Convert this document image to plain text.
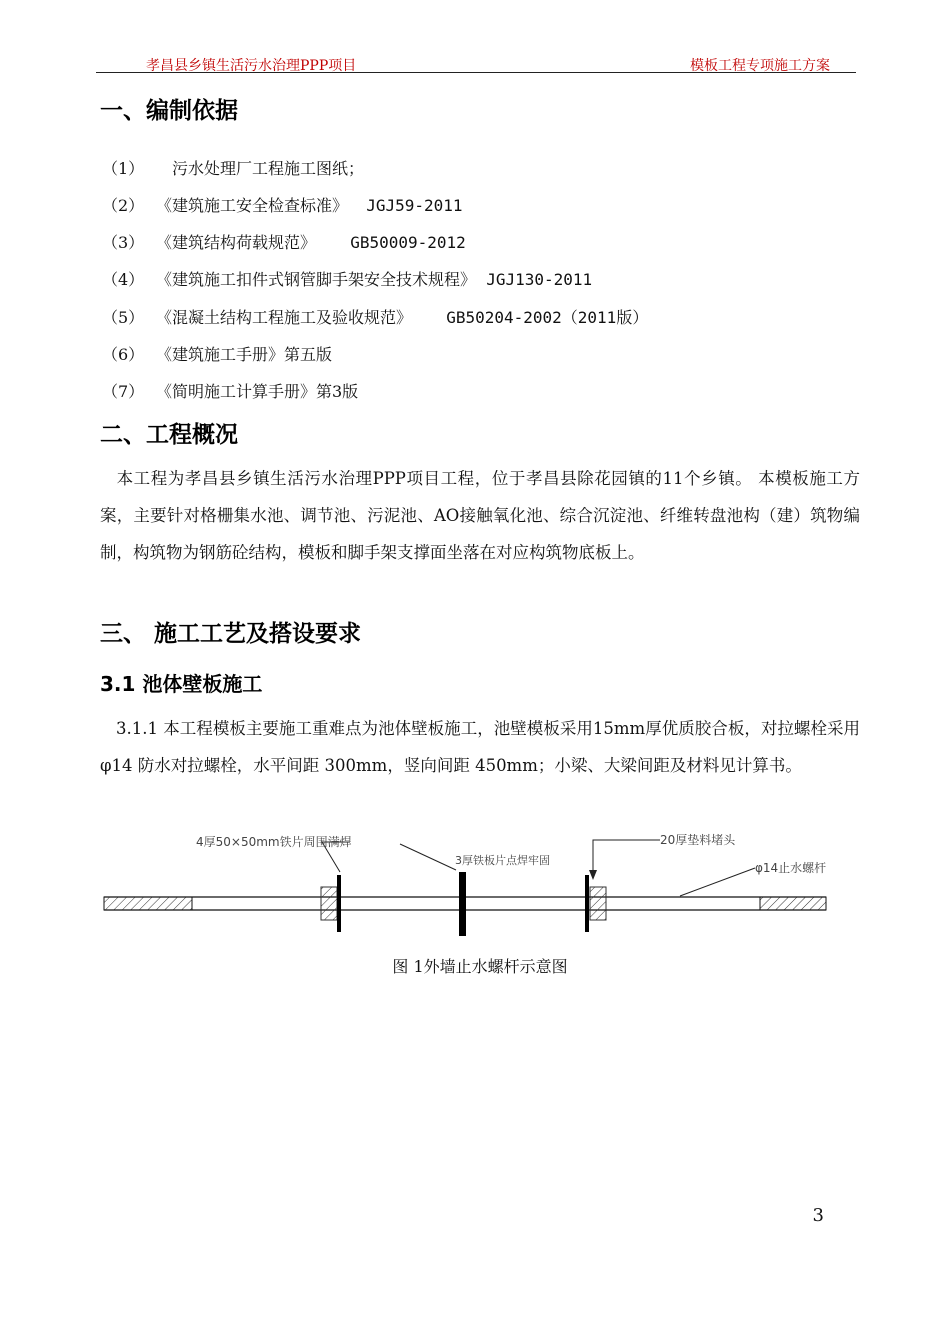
孝昌县乡镇生活污水治理PPP项目	模板工程专项施工方案
一、编制依据
（1）　污水处理厂工程施工图纸；
（2） 《建筑施工安全检查标准》　  JGJ59-2011
（3） 《建筑结构荷载规范》　　  GB50009-2012
（4） 《建筑施工扣件式钢管脚手架安全技术规程》 JGJ130-2011
（5） 《混凝土结构工程施工及验收规范》　　  GB50204-2002（2011版）
（6） 《建筑施工手册》第五版
（7） 《简明施工计算手册》第3版
二、工程概况
本工程为孝昌县乡镇生活污水治理PPP项目工程，位于孝昌县除花园镇的11个乡镇。 本模板施工方案，主要针对格栅集水池、调节池、污泥池、AO接触氧化池、综合沉淀池、纤维转盘池构（建）筑物编制，构筑物为钢筋砼结构，模板和脚手架支撑面坐落在对应构筑物底板上。
三、 施工工艺及搭设要求
3.1 池体壁板施工
3.1.1 本工程模板主要施工重难点为池体壁板施工，池壁模板采用15mm厚优质胶合板，对拉螺栓采用φ14 防水对拉螺栓，水平间距 300mm，竖向间距 450mm；小梁、大梁间距及材料见计算书。
4厚50×50mm铁片周围满焊
3厚铁板片点焊牢固
20厚垫料堵头
φ14止水螺杆
图 1外墙止水螺杆示意图
3
